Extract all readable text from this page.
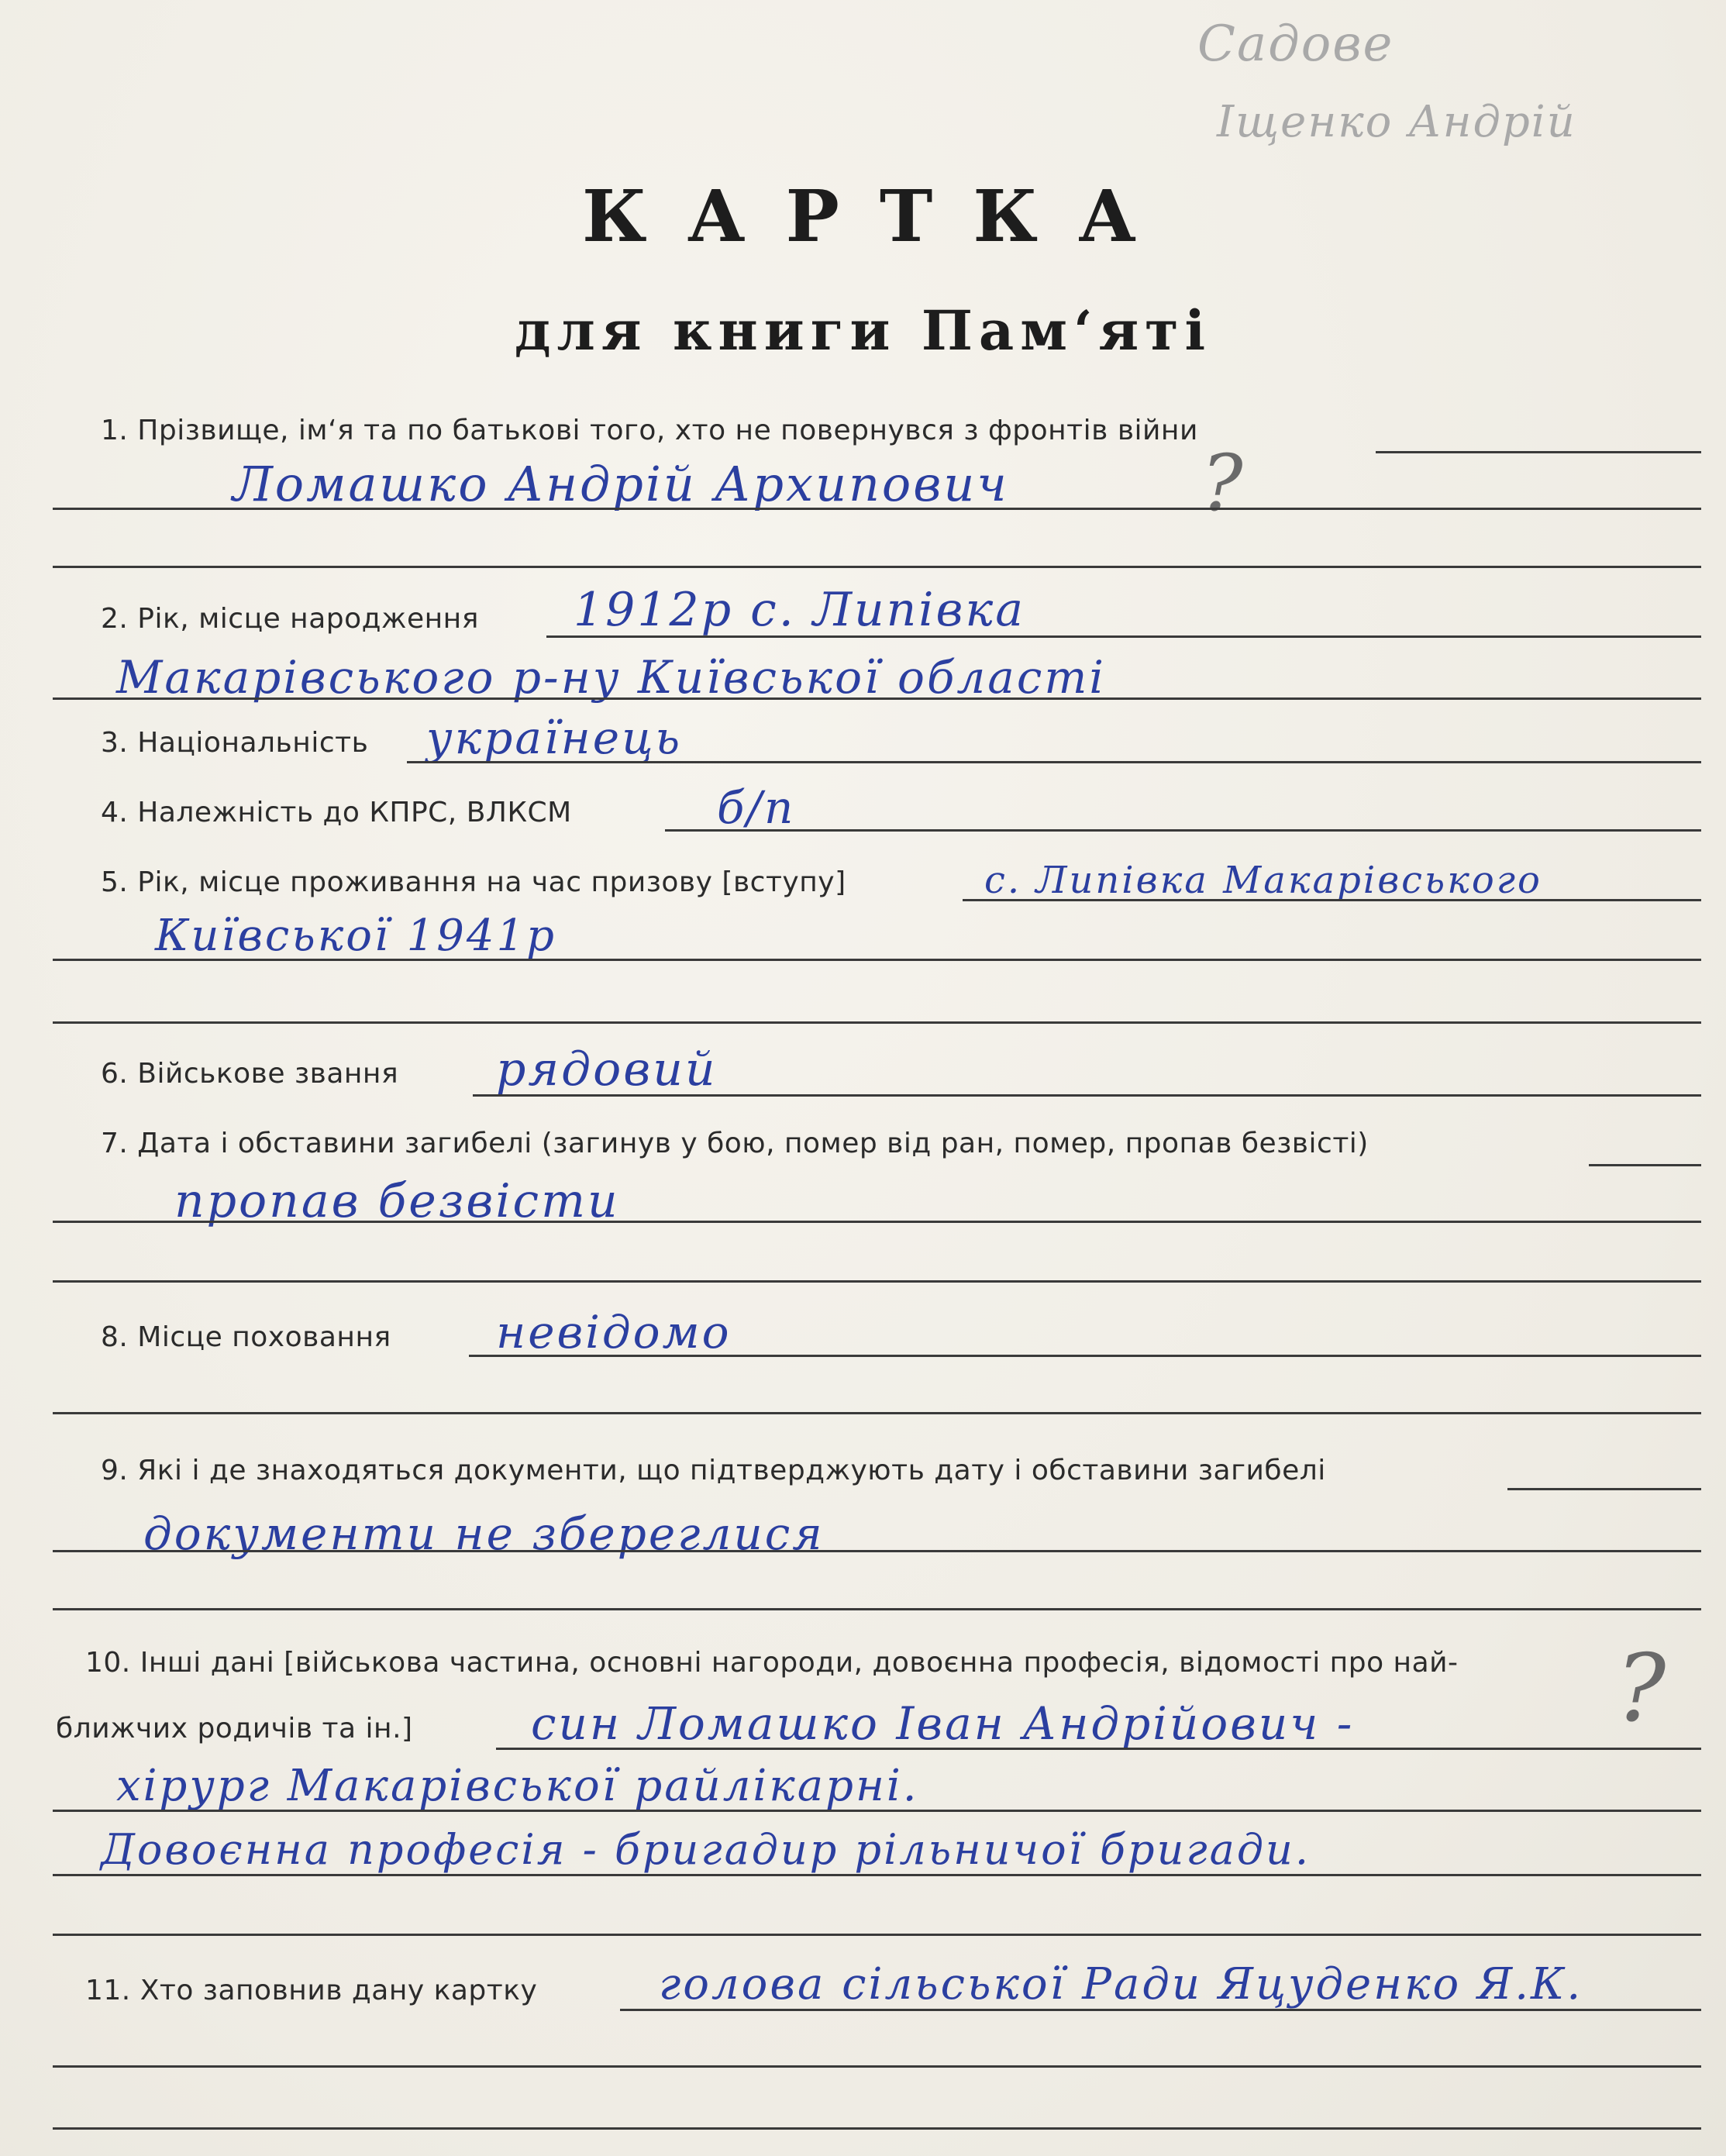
Садове
Іщенко Андрій
К А Р Т К А
для книги Пам‘яті
1. Прізвище, ім‘я та по батькові того, хто не повернувся з фронтів війни
Ломашко Андрій Архипович ?
2. Рік, місце народження 1912р с. Липівка
Макарівського р-ну Київської області
3. Національність українець
4. Належність до КПРС, ВЛКСМ	б/п
5. Рік, місце проживання на час призову [вступу]	с. Липівка Макарівського
Київської 1941р
6. Військове звання рядовий
7. Дата і обставини загибелі (загинув у бою, помер від ран, помер, пропав безвісті)
пропав безвісти
8. Місце поховання невідомо
9. Які і де знаходяться документи, що підтверджують дату і обставини загибелі
документи не збереглися
10. Інші дані [військова частина, основні нагороди, довоєнна професія, відомості про най-
ближчих родичів та ін.]	син Ломашко Іван Андрійович -	?
хірург Макарівської райлікарні.
Довоєнна професія - бригадир рільничої бригади.
11. Хто заповнив дану картку	голова сільської Ради Яцуденко Я.К.
